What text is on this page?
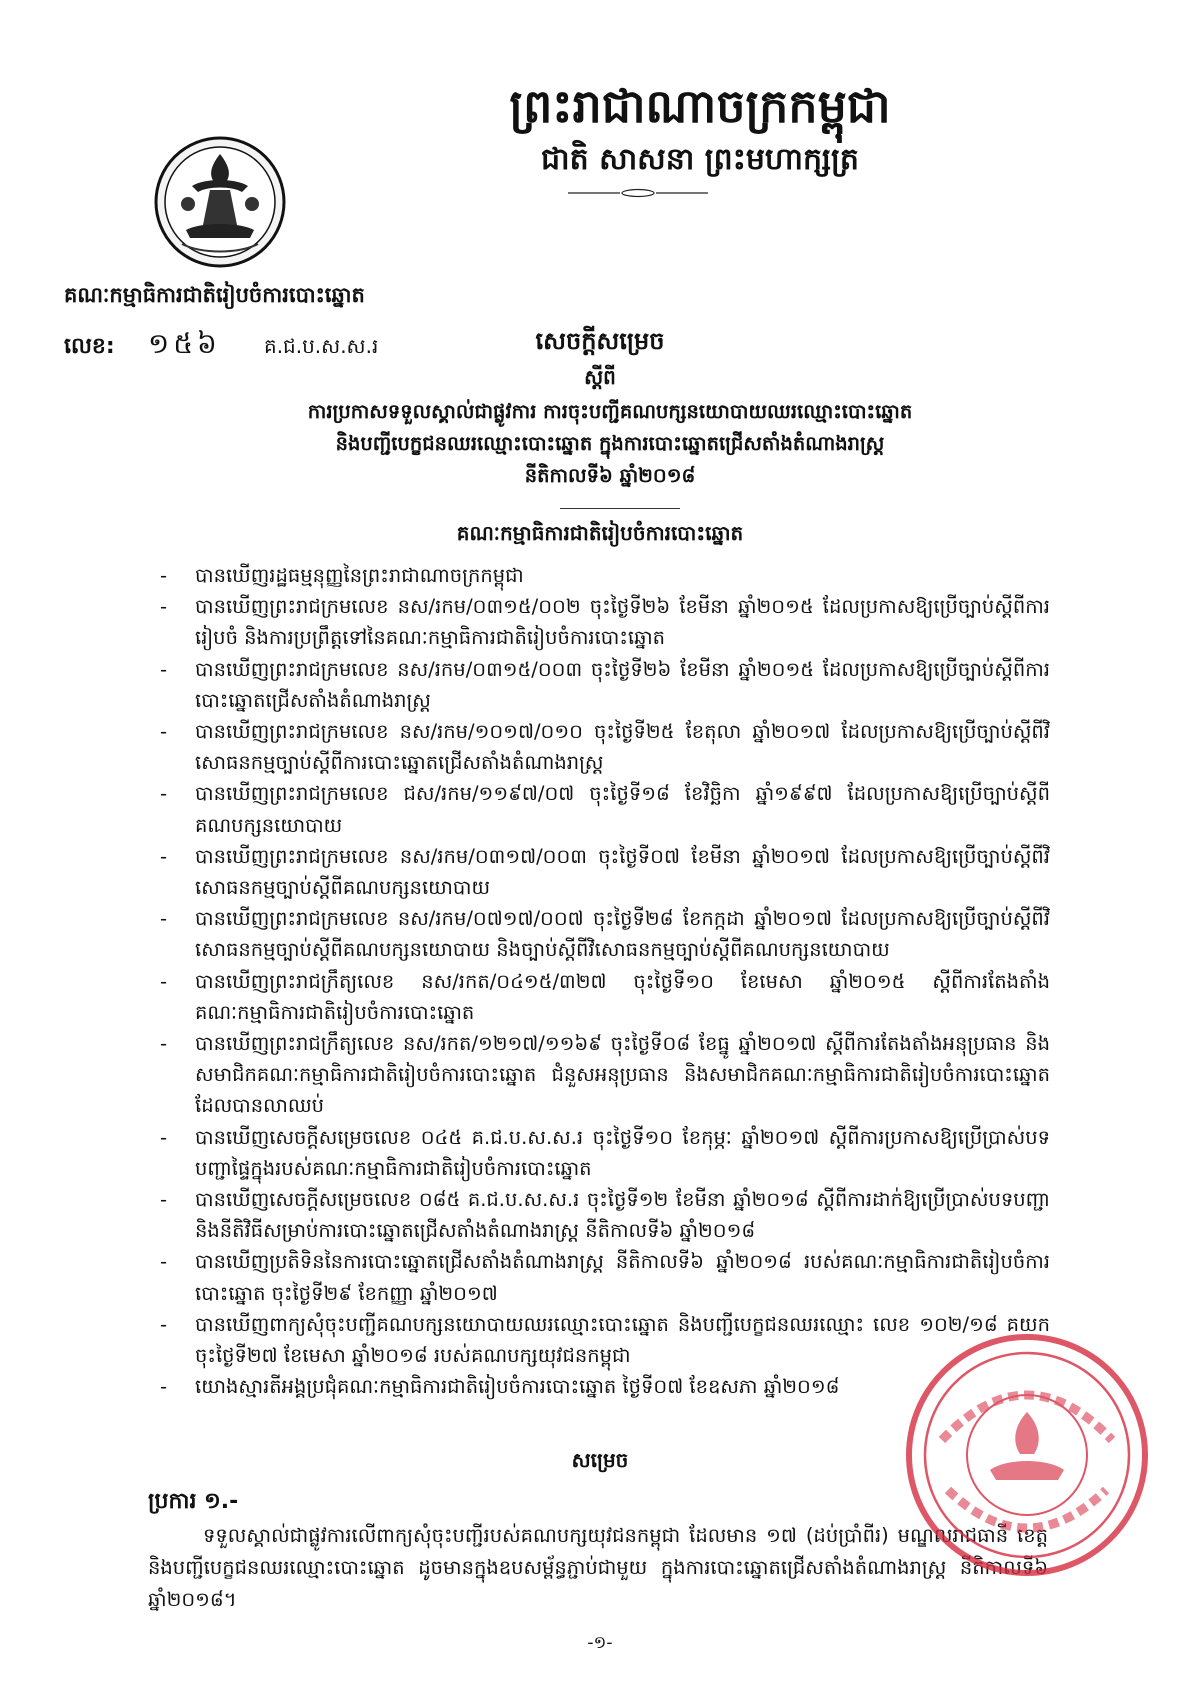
ព្រះរាជាណាចក្រកម្ពុជា
ជាតិ សាសនា ព្រះមហាក្សត្រ
គណៈកម្មាធិការជាតិរៀបចំការបោះឆ្នោត
លេខ: ១៥៦ គ.ជ.ប.ស.ស.រ	សេចក្តីសម្រេច
ស្តីពី
ការប្រកាសទទួលស្គាល់ជាផ្លូវការ ការចុះបញ្ជីគណបក្សនយោបាយឈរឈ្មោះបោះឆ្នោត
និងបញ្ជីបេក្ខជនឈរឈ្មោះបោះឆ្នោត ក្នុងការបោះឆ្នោតជ្រើសតាំងតំណាងរាស្ត្រ
នីតិកាលទី៦ ឆ្នាំ២០១៨
គណៈកម្មាធិការជាតិរៀបចំការបោះឆ្នោត
- បានឃើញរដ្ឋធម្មនុញ្ញនៃព្រះរាជាណាចក្រកម្ពុជា
- បានឃើញព្រះរាជក្រមលេខ នស/រកម/០៣១៥/០០២ ចុះថ្ងៃទី២៦ ខែមីនា ឆ្នាំ២០១៥ ដែលប្រកាសឱ្យប្រើច្បាប់ស្តីពីការរៀបចំ និងការប្រព្រឹត្តទៅនៃគណៈកម្មាធិការជាតិរៀបចំការបោះឆ្នោត
- បានឃើញព្រះរាជក្រមលេខ នស/រកម/០៣១៥/០០៣ ចុះថ្ងៃទី២៦ ខែមីនា ឆ្នាំ២០១៥ ដែលប្រកាសឱ្យប្រើច្បាប់ស្តីពីការបោះឆ្នោតជ្រើសតាំងតំណាងរាស្ត្រ
- បានឃើញព្រះរាជក្រមលេខ នស/រកម/១០១៧/០១០ ចុះថ្ងៃទី២៥ ខែតុលា ឆ្នាំ២០១៧ ដែលប្រកាសឱ្យប្រើច្បាប់ស្តីពីវិសោធនកម្មច្បាប់ស្តីពីការបោះឆ្នោតជ្រើសតាំងតំណាងរាស្ត្រ
- បានឃើញព្រះរាជក្រមលេខ ជស/រកម/១១៩៧/០៧ ចុះថ្ងៃទី១៨ ខែវិច្ឆិកា ឆ្នាំ១៩៩៧ ដែលប្រកាសឱ្យប្រើច្បាប់ស្តីពីគណបក្សនយោបាយ
- បានឃើញព្រះរាជក្រមលេខ នស/រកម/០៣១៧/០០៣ ចុះថ្ងៃទី០៧ ខែមីនា ឆ្នាំ២០១៧ ដែលប្រកាសឱ្យប្រើច្បាប់ស្តីពីវិសោធនកម្មច្បាប់ស្តីពីគណបក្សនយោបាយ
- បានឃើញព្រះរាជក្រមលេខ នស/រកម/០៧១៧/០០៧ ចុះថ្ងៃទី២៨ ខែកក្កដា ឆ្នាំ២០១៧ ដែលប្រកាសឱ្យប្រើច្បាប់ស្តីពីវិសោធនកម្មច្បាប់ស្តីពីគណបក្សនយោបាយ និងច្បាប់ស្តីពីវិសោធនកម្មច្បាប់ស្តីពីគណបក្សនយោបាយ
- បានឃើញព្រះរាជក្រឹត្យលេខ នស/រកត/០៤១៥/៣២៧ ចុះថ្ងៃទី១០ ខែមេសា ឆ្នាំ២០១៥ ស្តីពីការតែងតាំងគណៈកម្មាធិការជាតិរៀបចំការបោះឆ្នោត
- បានឃើញព្រះរាជក្រឹត្យលេខ នស/រកត/១២១៧/១១៦៩ ចុះថ្ងៃទី០៨ ខែធ្នូ ឆ្នាំ២០១៧ ស្តីពីការតែងតាំងអនុប្រធាន និងសមាជិកគណៈកម្មាធិការជាតិរៀបចំការបោះឆ្នោត ជំនួសអនុប្រធាន និងសមាជិកគណៈកម្មាធិការជាតិរៀបចំការបោះឆ្នោត ដែលបានលាឈប់
- បានឃើញសេចក្តីសម្រេចលេខ ០៤៥ គ.ជ.ប.ស.ស.រ ចុះថ្ងៃទី១០ ខែកុម្ភៈ ឆ្នាំ២០១៧ ស្តីពីការប្រកាសឱ្យប្រើប្រាស់បទបញ្ជាផ្ទៃក្នុងរបស់គណៈកម្មាធិការជាតិរៀបចំការបោះឆ្នោត
- បានឃើញសេចក្តីសម្រេចលេខ ០៨៥ គ.ជ.ប.ស.ស.រ ចុះថ្ងៃទី១២ ខែមីនា ឆ្នាំ២០១៨ ស្តីពីការដាក់ឱ្យប្រើប្រាស់បទបញ្ជា និងនីតិវិធីសម្រាប់ការបោះឆ្នោតជ្រើសតាំងតំណាងរាស្ត្រ នីតិកាលទី៦ ឆ្នាំ២០១៨
- បានឃើញប្រតិទិននៃការបោះឆ្នោតជ្រើសតាំងតំណាងរាស្ត្រ នីតិកាលទី៦ ឆ្នាំ២០១៨ របស់គណៈកម្មាធិការជាតិរៀបចំការបោះឆ្នោត ចុះថ្ងៃទី២៩ ខែកញ្ញា ឆ្នាំ២០១៧
- បានឃើញពាក្យសុំចុះបញ្ជីគណបក្សនយោបាយឈរឈ្មោះបោះឆ្នោត និងបញ្ជីបេក្ខជនឈរឈ្មោះ លេខ ១០២/១៨ គយក ចុះថ្ងៃទី២៧ ខែមេសា ឆ្នាំ២០១៨ របស់គណបក្សយុវជនកម្ពុជា
- យោងស្មារតីអង្គប្រជុំគណៈកម្មាធិការជាតិរៀបចំការបោះឆ្នោត ថ្ងៃទី០៧ ខែឧសភា ឆ្នាំ២០១៨
សម្រេច
ប្រការ ១.-
ទទួលស្គាល់ជាផ្លូវការលើពាក្យសុំចុះបញ្ជីរបស់គណបក្សយុវជនកម្ពុជា ដែលមាន ១៧ (ដប់ប្រាំពីរ) មណ្ឌលរាជធានី ខេត្ត និងបញ្ជីបេក្ខជនឈរឈ្មោះបោះឆ្នោត ដូចមានក្នុងឧបសម្ព័ន្ធភ្ជាប់ជាមួយ ក្នុងការបោះឆ្នោតជ្រើសតាំងតំណាងរាស្ត្រ នីតិកាលទី៦ ឆ្នាំ២០១៨។
-១-
